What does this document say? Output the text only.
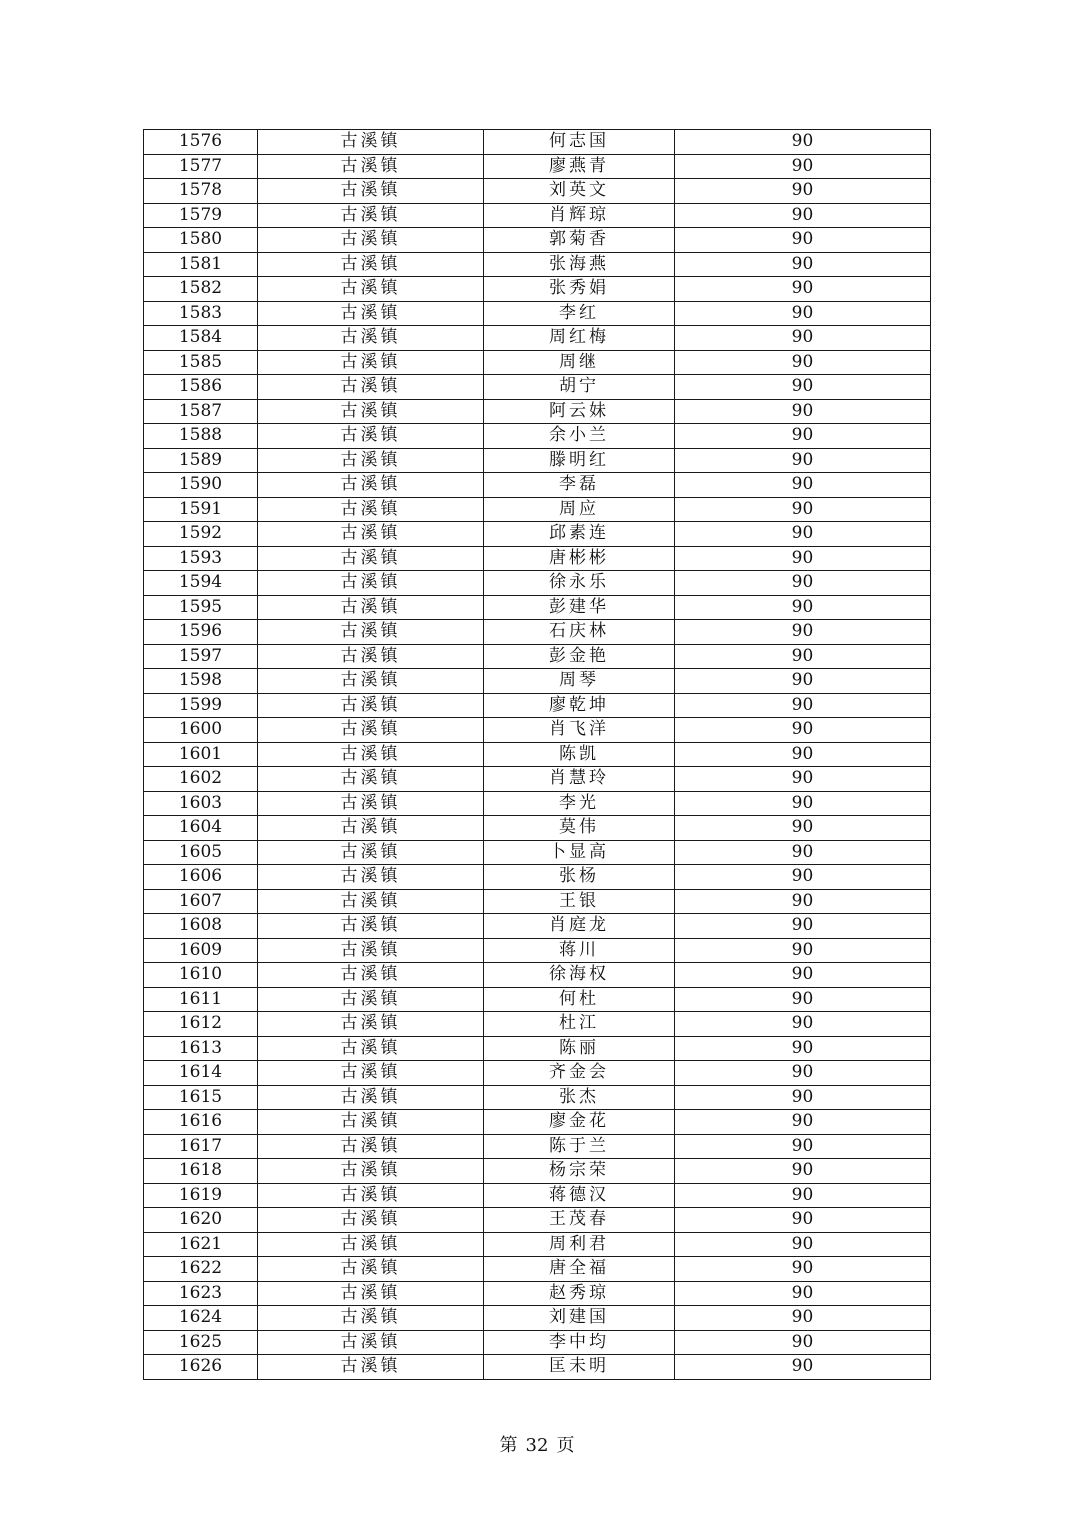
1576	古溪镇	何志国	90
1577	古溪镇	廖燕青	90
1578	古溪镇	刘英文	90
1579	古溪镇	肖辉琼	90
1580	古溪镇	郭菊香	90
1581	古溪镇	张海燕	90
1582	古溪镇	张秀娟	90
1583	古溪镇	李红	90
1584	古溪镇	周红梅	90
1585	古溪镇	周继	90
1586	古溪镇	胡宁	90
1587	古溪镇	阿云妹	90
1588	古溪镇	余小兰	90
1589	古溪镇	滕明红	90
1590	古溪镇	李磊	90
1591	古溪镇	周应	90
1592	古溪镇	邱素连	90
1593	古溪镇	唐彬彬	90
1594	古溪镇	徐永乐	90
1595	古溪镇	彭建华	90
1596	古溪镇	石庆林	90
1597	古溪镇	彭金艳	90
1598	古溪镇	周琴	90
1599	古溪镇	廖乾坤	90
1600	古溪镇	肖飞洋	90
1601	古溪镇	陈凯	90
1602	古溪镇	肖慧玲	90
1603	古溪镇	李光	90
1604	古溪镇	莫伟	90
1605	古溪镇	卜显高	90
1606	古溪镇	张杨	90
1607	古溪镇	王银	90
1608	古溪镇	肖庭龙	90
1609	古溪镇	蒋川	90
1610	古溪镇	徐海权	90
1611	古溪镇	何杜	90
1612	古溪镇	杜江	90
1613	古溪镇	陈丽	90
1614	古溪镇	齐金会	90
1615	古溪镇	张杰	90
1616	古溪镇	廖金花	90
1617	古溪镇	陈于兰	90
1618	古溪镇	杨宗荣	90
1619	古溪镇	蒋德汉	90
1620	古溪镇	王茂春	90
1621	古溪镇	周利君	90
1622	古溪镇	唐全福	90
1623	古溪镇	赵秀琼	90
1624	古溪镇	刘建国	90
1625	古溪镇	李中均	90
1626	古溪镇	匡未明	90
第 32 页
